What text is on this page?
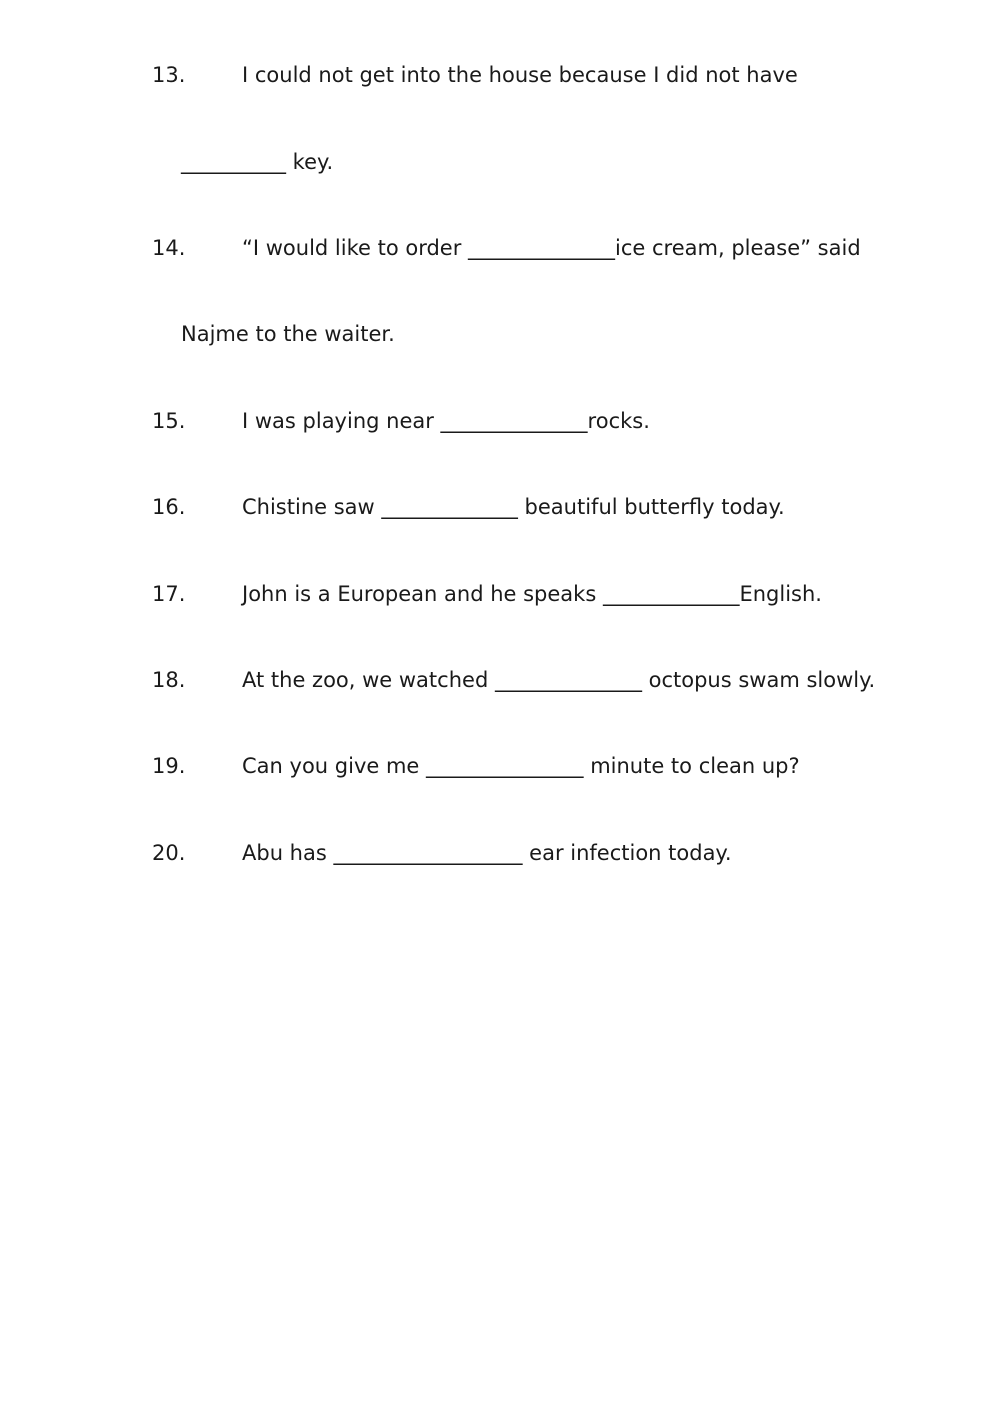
13.	I could not get into the house because I did not have
__________ key.
14.	“I would like to order ______________ice cream, please” said
Najme to the waiter.
15.	I was playing near ______________rocks.
16.	Chistine saw _____________ beautiful butterfly today.
17.	John is a European and he speaks _____________English.
18.	At the zoo, we watched ______________ octopus swam slowly.
19.	Can you give me _______________ minute to clean up?
20.	Abu has __________________ ear infection today.
